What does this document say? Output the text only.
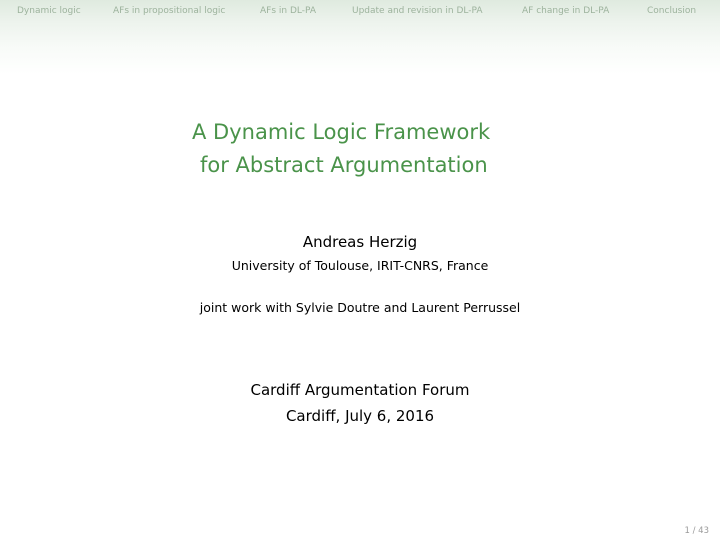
Dynamic logic	AFs in propositional logic	AFs in DL-PA	Update and revision in DL-PA	AF change in DL-PA	Conclusion
A Dynamic Logic Framework
for Abstract Argumentation
Andreas Herzig
University of Toulouse, IRIT-CNRS, France
joint work with Sylvie Doutre and Laurent Perrussel
Cardiff Argumentation Forum
Cardiff, July 6, 2016
1 / 43
